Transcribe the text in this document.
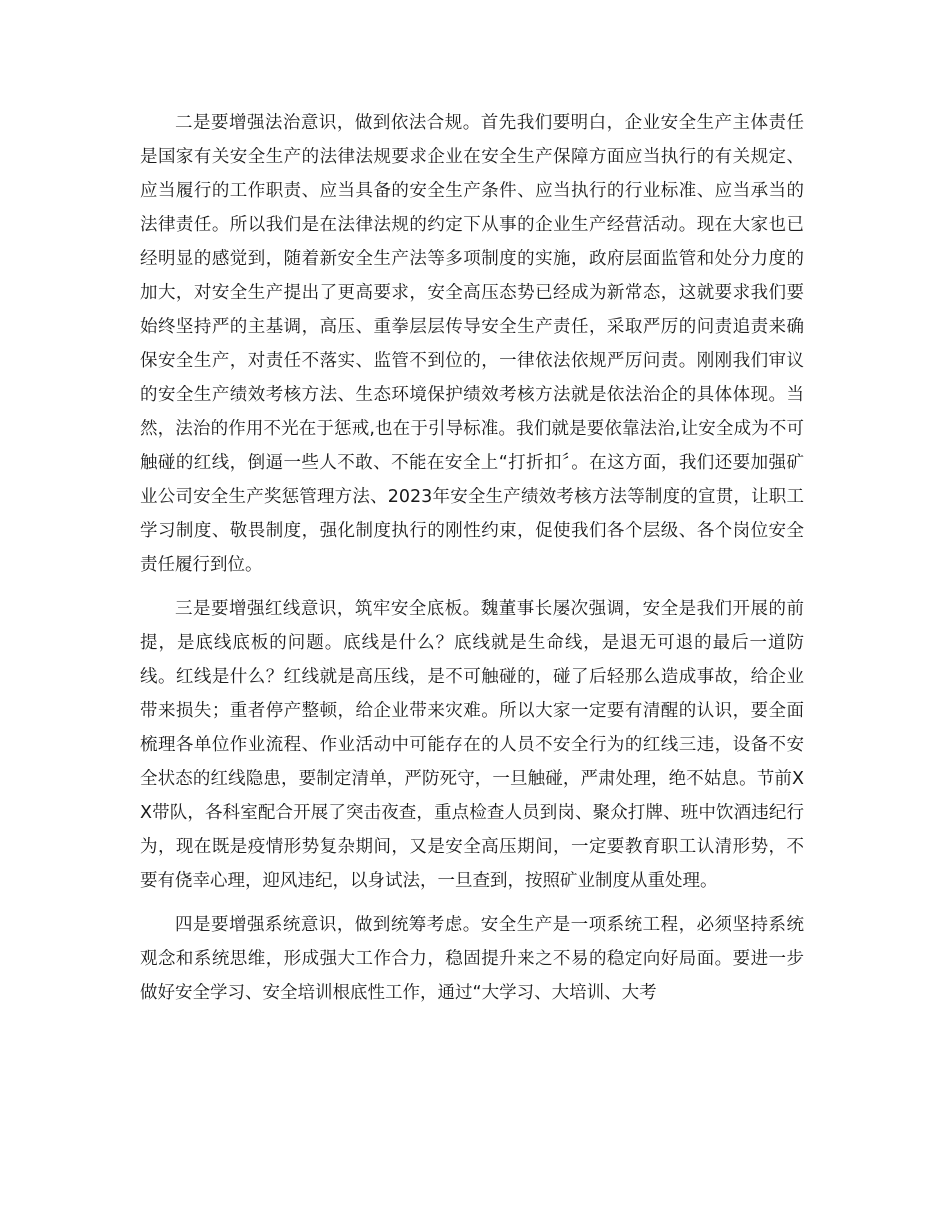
二是要增强法治意识，做到依法合规。首先我们要明白，企业安全生产主体责任是国家有关安全生产的法律法规要求企业在安全生产保障方面应当执行的有关规定、应当履行的工作职责、应当具备的安全生产条件、应当执行的行业标准、应当承当的法律责任。所以我们是在法律法规的约定下从事的企业生产经营活动。现在大家也已经明显的感觉到，随着新安全生产法等多项制度的实施，政府层面监管和处分力度的加大，对安全生产提出了更高要求，安全高压态势已经成为新常态，这就要求我们要始终坚持严的主基调，高压、重拳层层传导安全生产责任，采取严厉的问责追责来确保安全生产，对责任不落实、监管不到位的，一律依法依规严厉问责。刚刚我们审议的安全生产绩效考核方法、生态环境保护绩效考核方法就是依法治企的具体体现。当然，法治的作用不光在于惩戒,也在于引导标准。我们就是要依靠法治,让安全成为不可触碰的红线，倒逼一些人不敢、不能在安全上“打折扣〞。在这方面，我们还要加强矿业公司安全生产奖惩管理方法、2023年安全生产绩效考核方法等制度的宣贯，让职工学习制度、敬畏制度，强化制度执行的刚性约束，促使我们各个层级、各个岗位安全责任履行到位。

三是要增强红线意识，筑牢安全底板。魏董事长屡次强调，安全是我们开展的前提，是底线底板的问题。底线是什么？底线就是生命线，是退无可退的最后一道防线。红线是什么？红线就是高压线，是不可触碰的，碰了后轻那么造成事故，给企业带来损失；重者停产整顿，给企业带来灾难。所以大家一定要有清醒的认识，要全面梳理各单位作业流程、作业活动中可能存在的人员不安全行为的红线三违，设备不安全状态的红线隐患，要制定清单，严防死守，一旦触碰，严肃处理，绝不姑息。节前XX带队，各科室配合开展了突击夜查，重点检查人员到岗、聚众打牌、班中饮酒违纪行为，现在既是疫情形势复杂期间，又是安全高压期间，一定要教育职工认清形势，不要有侥幸心理，迎风违纪，以身试法，一旦查到，按照矿业制度从重处理。

四是要增强系统意识，做到统筹考虑。安全生产是一项系统工程，必须坚持系统观念和系统思维，形成强大工作合力，稳固提升来之不易的稳定向好局面。要进一步做好安全学习、安全培训根底性工作，通过“大学习、大培训、大考
